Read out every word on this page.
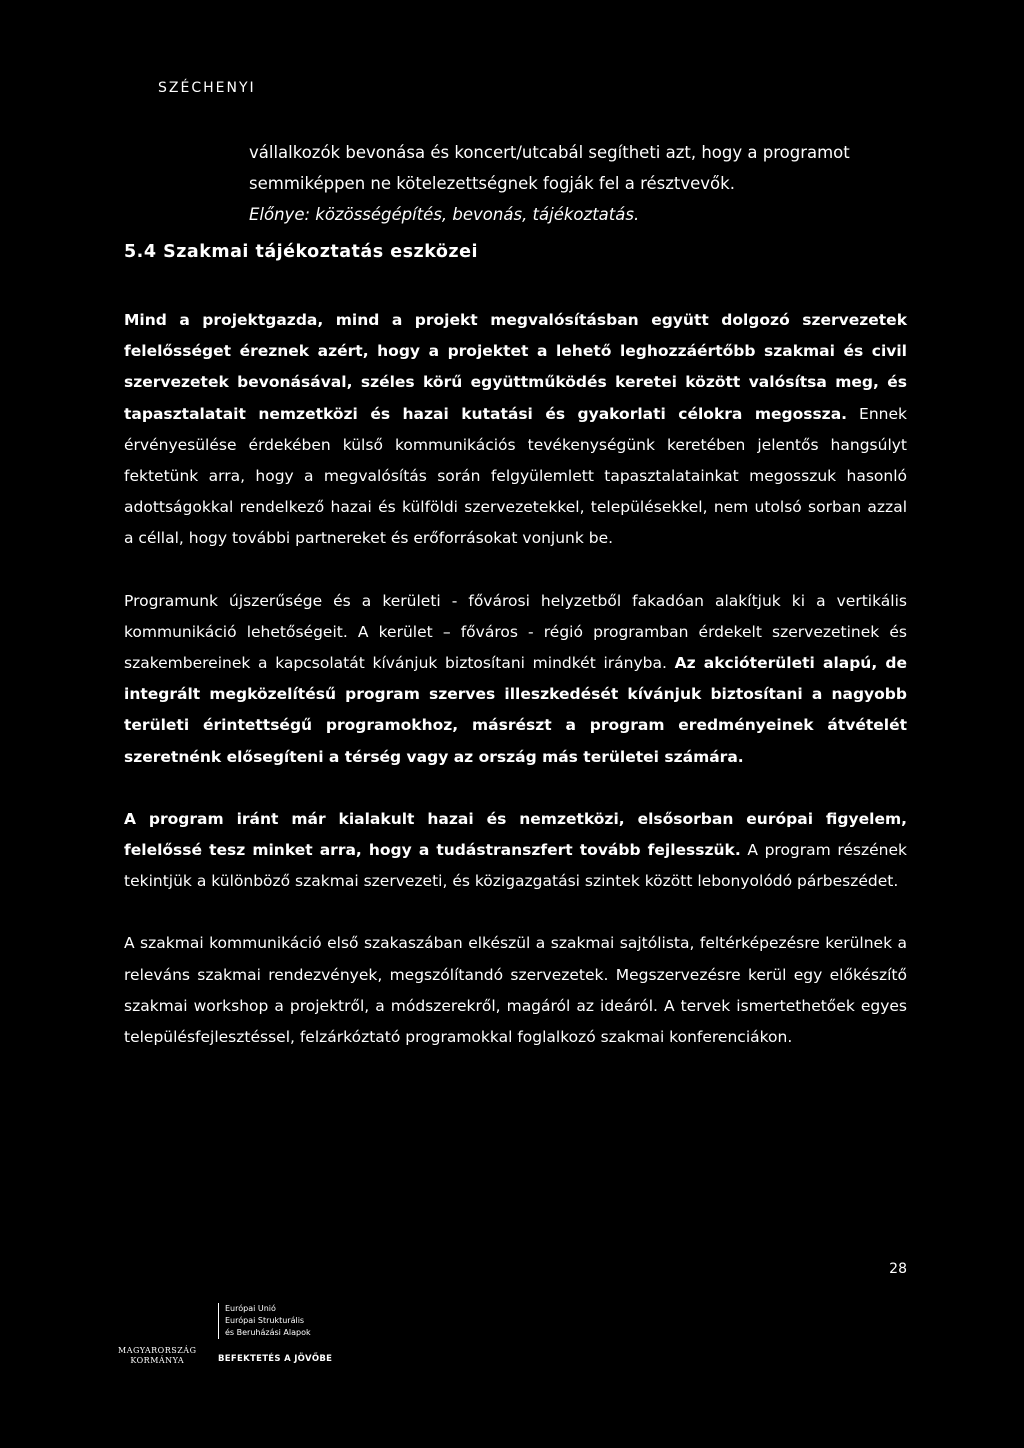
SZÉCHENYI

vállalkozók bevonása és koncert/utcabál segítheti azt, hogy a programot semmiképpen ne kötelezettségnek fogják fel a résztvevők.

Előnye: közösségépítés, bevonás, tájékoztatás.

5.4 Szakmai tájékoztatás eszközei

Mind a projektgazda, mind a projekt megvalósításban együtt dolgozó szervezetek felelősséget éreznek azért, hogy a projektet a lehető leghozzáértőbb szakmai és civil szervezetek bevonásával, széles körű együttműködés keretei között valósítsa meg, és tapasztalatait nemzetközi és hazai kutatási és gyakorlati célokra megossza. Ennek érvényesülése érdekében külső kommunikációs tevékenységünk keretében jelentős hangsúlyt fektetünk arra, hogy a megvalósítás során felgyülemlett tapasztalatainkat megosszuk hasonló adottságokkal rendelkező hazai és külföldi szervezetekkel, településekkel, nem utolsó sorban azzal a céllal, hogy további partnereket és erőforrásokat vonjunk be.

Programunk újszerűsége és a kerületi - fővárosi helyzetből fakadóan alakítjuk ki a vertikális kommunikáció lehetőségeit. A kerület – főváros - régió programban érdekelt szervezetinek és szakembereinek a kapcsolatát kívánjuk biztosítani mindkét irányba. Az akcióterületi alapú, de integrált megközelítésű program szerves illeszkedését kívánjuk biztosítani a nagyobb területi érintettségű programokhoz, másrészt a program eredményeinek átvételét szeretnénk elősegíteni a térség vagy az ország más területei számára.

A program iránt már kialakult hazai és nemzetközi, elsősorban európai figyelem, felelőssé tesz minket arra, hogy a tudástranszfert tovább fejlesszük. A program részének tekintjük a különböző szakmai szervezeti, és közigazgatási szintek között lebonyolódó párbeszédet.

A szakmai kommunikáció első szakaszában elkészül a szakmai sajtólista, feltérképezésre kerülnek a releváns szakmai rendezvények, megszólítandó szervezetek. Megszervezésre kerül egy előkészítő szakmai workshop a projektről, a módszerekről, magáról az ideáról. A tervek ismertethetőek egyes településfejlesztéssel, felzárkóztató programokkal foglalkozó szakmai konferenciákon.

28
MAGYARORSZÁG
KORMÁNYA
Európai Unió
Európai Strukturális
és Beruházási Alapok
BEFEKTETÉS A JÖVŐBE
